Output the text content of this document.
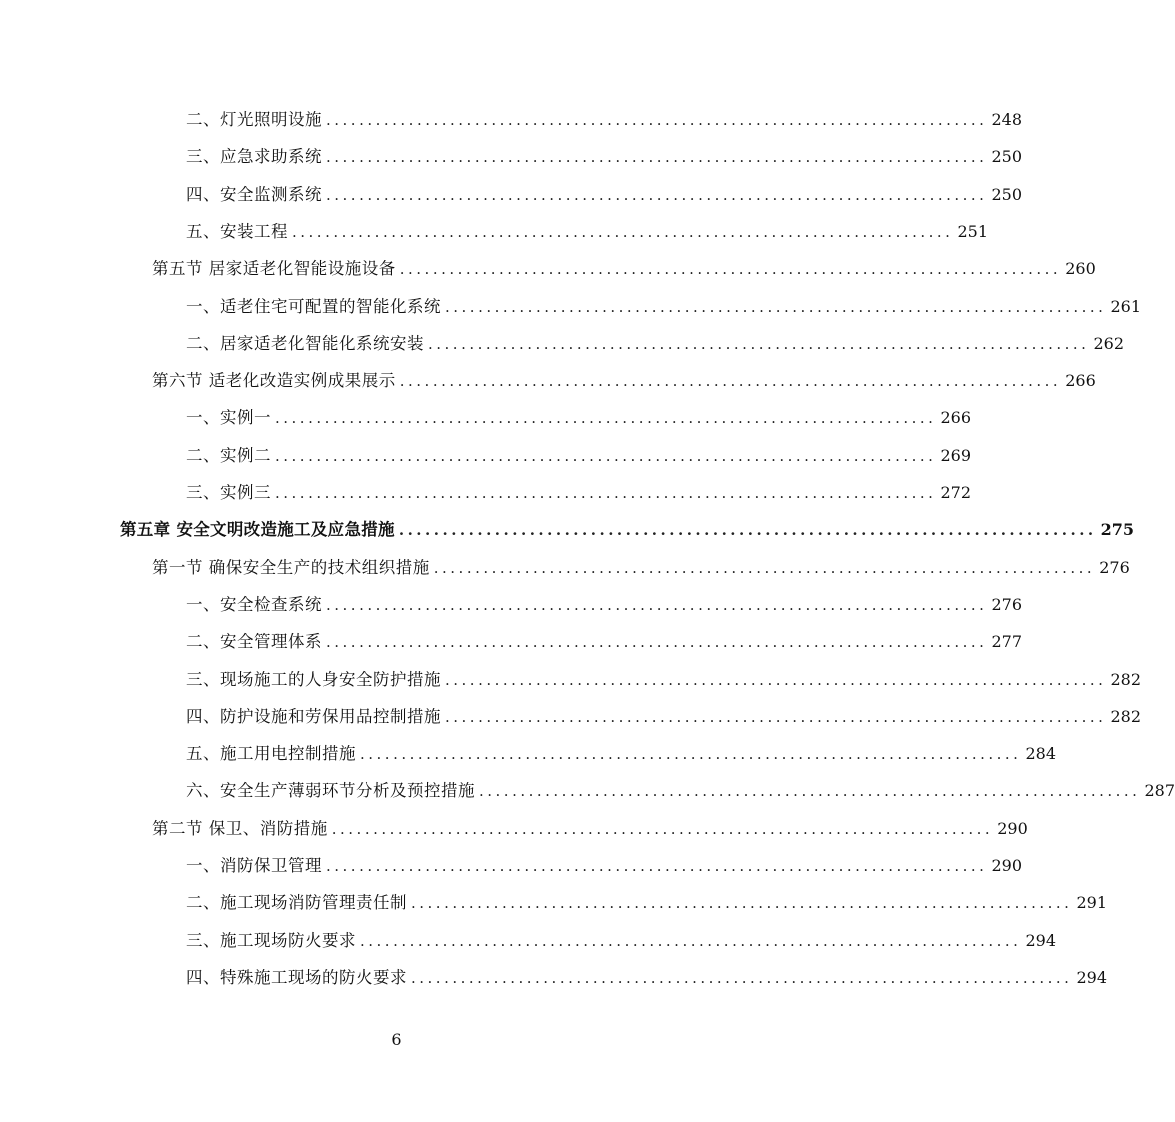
二、灯光照明设施 ................................................................................ 248
三、应急求助系统 ................................................................................ 250
四、安全监测系统 ................................................................................ 250
五、安装工程 ................................................................................ 251
第五节 居家适老化智能设施设备 ................................................................................ 260
一、适老住宅可配置的智能化系统 ................................................................................ 261
二、居家适老化智能化系统安装 ................................................................................ 262
第六节 适老化改造实例成果展示 ................................................................................ 266
一、实例一 ................................................................................ 266
二、实例二 ................................................................................ 269
三、实例三 ................................................................................ 272
第五章 安全文明改造施工及应急措施 ................................................................................ 275
第一节 确保安全生产的技术组织措施 ................................................................................ 276
一、安全检查系统 ................................................................................ 276
二、安全管理体系 ................................................................................ 277
三、现场施工的人身安全防护措施 ................................................................................ 282
四、防护设施和劳保用品控制措施 ................................................................................ 282
五、施工用电控制措施 ................................................................................ 284
六、安全生产薄弱环节分析及预控措施 ................................................................................ 287
第二节 保卫、消防措施 ................................................................................ 290
一、消防保卫管理 ................................................................................ 290
二、施工现场消防管理责任制 ................................................................................ 291
三、施工现场防火要求 ................................................................................ 294
四、特殊施工现场的防火要求 ................................................................................ 294
6
